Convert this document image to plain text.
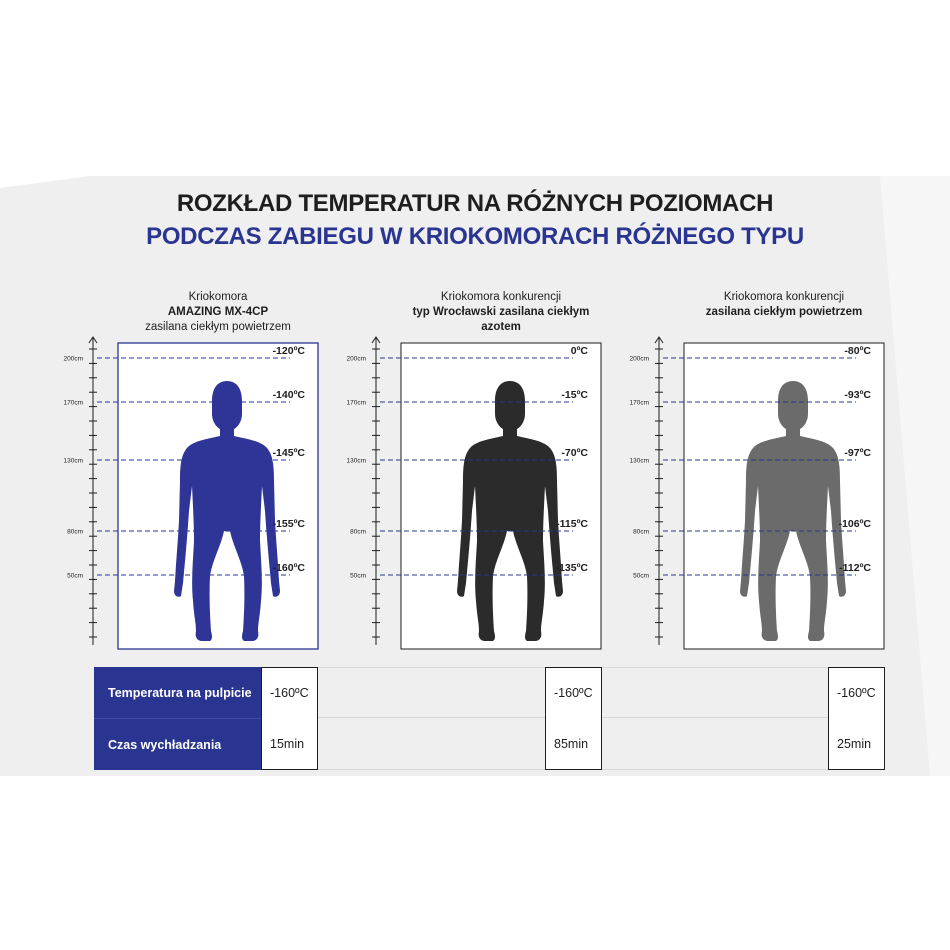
ROZKŁAD TEMPERATUR NA RÓŻNYCH POZIOMACH
PODCZAS ZABIEGU W KRIOKOMORACH RÓŻNEGO TYPU
Kriokomora
AMAZING MX-4CP
zasilana ciekłym powietrzem
Kriokomora konkurencji
typ Wrocławski zasilana ciekłym
azotem
Kriokomora konkurencji
zasilana ciekłym powietrzem
200cm
170cm
130cm
80cm
50cm
-120ºC
-140ºC
-145ºC
-155ºC
-160ºC
200cm
170cm
130cm
80cm
50cm
0ºC
-15ºC
-70ºC
-115ºC
-135ºC
200cm
170cm
130cm
80cm
50cm
-80ºC
-93ºC
-97ºC
-106ºC
-112ºC
Temperatura na pulpicie
Czas wychładzania
-160ºC
15min
-160ºC
85min
-160ºC
25min
